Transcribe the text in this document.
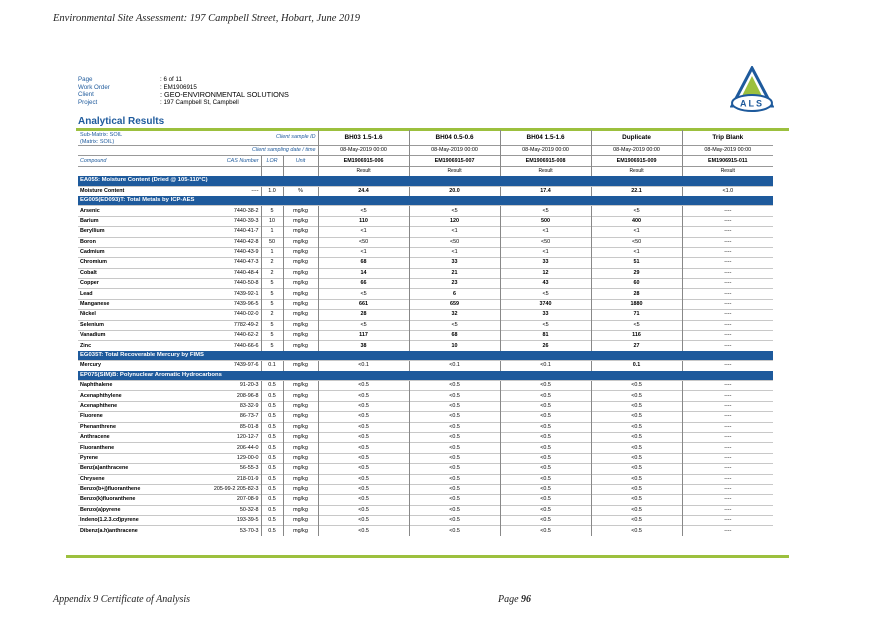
Environmental Site Assessment: 197 Campbell Street, Hobart, June 2019
Page	: 6 of 11
Work Order	: EM1906915
Client	: GEO-ENVIRONMENTAL SOLUTIONS
Project	: 197 Campbell St, Campbell	ALS
Analytical Results
Sub-Matrix: SOIL
(Matrix: SOIL)	Client sample ID			BH03 1.5-1.6	BH04 0.5-0.6	BH04 1.5-1.6	Duplicate	Trip Blank
	Client sampling date / time			08-May-2019 00:00	08-May-2019 00:00	08-May-2019 00:00	08-May-2019 00:00	08-May-2019 00:00
Compound	CAS Number	LOR	Unit	EM1906915-006	EM1906915-007	EM1906915-008	EM1906915-009	EM1906915-011
				Result	Result	Result	Result	Result
EA055: Moisture Content (Dried @ 105-110°C)								
Moisture Content	----	1.0	%	24.4	20.0	17.4	22.1	<1.0
EG005(ED093)T: Total Metals by ICP-AES								
Arsenic	7440-38-2	5	mg/kg	<5	<5	<5	<5	----
Barium	7440-39-3	10	mg/kg	110	120	500	400	----
Beryllium	7440-41-7	1	mg/kg	<1	<1	<1	<1	----
Boron	7440-42-8	50	mg/kg	<50	<50	<50	<50	----
Cadmium	7440-43-9	1	mg/kg	<1	<1	<1	<1	----
Chromium	7440-47-3	2	mg/kg	68	33	33	51	----
Cobalt	7440-48-4	2	mg/kg	14	21	12	29	----
Copper	7440-50-8	5	mg/kg	66	23	43	60	----
Lead	7439-92-1	5	mg/kg	<5	6	<5	28	----
Manganese	7439-96-5	5	mg/kg	661	659	3740	1880	----
Nickel	7440-02-0	2	mg/kg	28	32	33	71	----
Selenium	7782-49-2	5	mg/kg	<5	<5	<5	<5	----
Vanadium	7440-62-2	5	mg/kg	117	68	81	116	----
Zinc	7440-66-6	5	mg/kg	38	10	26	27	----
EG035T: Total Recoverable Mercury by FIMS								
Mercury	7439-97-6	0.1	mg/kg	<0.1	<0.1	<0.1	0.1	----
EP075(SIM)B: Polynuclear Aromatic Hydrocarbons								
Naphthalene	91-20-3	0.5	mg/kg	<0.5	<0.5	<0.5	<0.5	----
Acenaphthylene	208-96-8	0.5	mg/kg	<0.5	<0.5	<0.5	<0.5	----
Acenaphthene	83-32-9	0.5	mg/kg	<0.5	<0.5	<0.5	<0.5	----
Fluorene	86-73-7	0.5	mg/kg	<0.5	<0.5	<0.5	<0.5	----
Phenanthrene	85-01-8	0.5	mg/kg	<0.5	<0.5	<0.5	<0.5	----
Anthracene	120-12-7	0.5	mg/kg	<0.5	<0.5	<0.5	<0.5	----
Fluoranthene	206-44-0	0.5	mg/kg	<0.5	<0.5	<0.5	<0.5	----
Pyrene	129-00-0	0.5	mg/kg	<0.5	<0.5	<0.5	<0.5	----
Benz(a)anthracene	56-55-3	0.5	mg/kg	<0.5	<0.5	<0.5	<0.5	----
Chrysene	218-01-9	0.5	mg/kg	<0.5	<0.5	<0.5	<0.5	----
Benzo(b+j)fluoranthene	205-99-2 205-82-3	0.5	mg/kg	<0.5	<0.5	<0.5	<0.5	----
Benzo(k)fluoranthene	207-08-9	0.5	mg/kg	<0.5	<0.5	<0.5	<0.5	----
Benzo(a)pyrene	50-32-8	0.5	mg/kg	<0.5	<0.5	<0.5	<0.5	----
Indeno(1.2.3.cd)pyrene	193-39-5	0.5	mg/kg	<0.5	<0.5	<0.5	<0.5	----
Dibenz(a.h)anthracene	53-70-3	0.5	mg/kg	<0.5	<0.5	<0.5	<0.5	----
Appendix 9 Certificate of Analysis	Page 96
